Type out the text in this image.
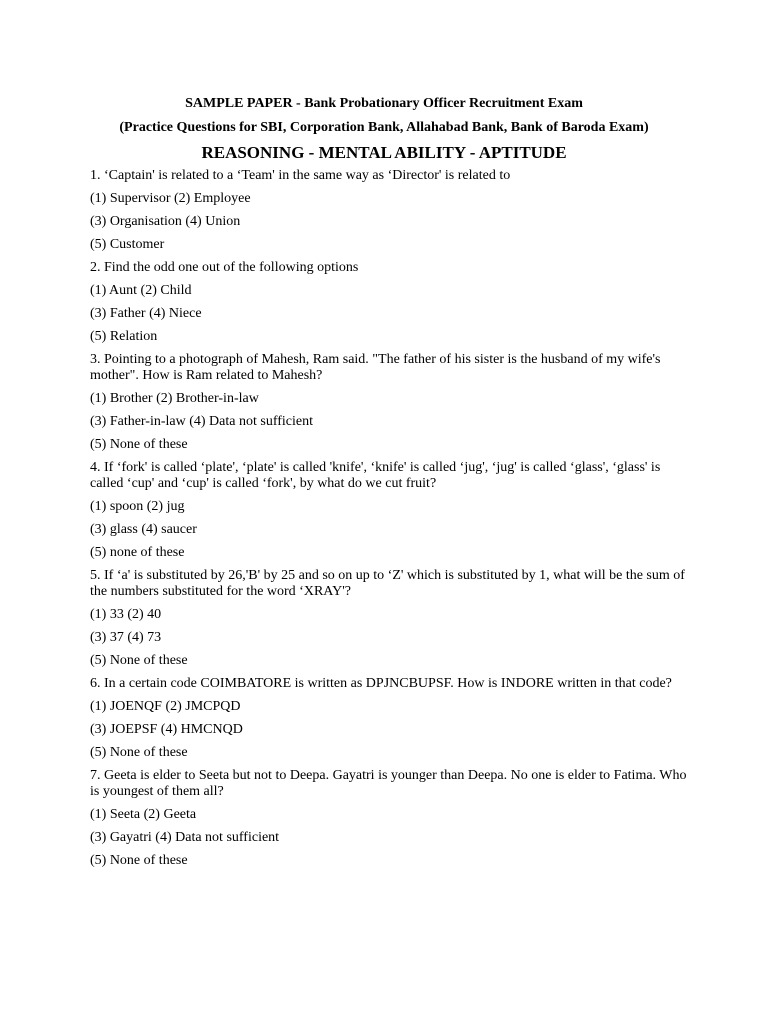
SAMPLE PAPER - Bank Probationary Officer Recruitment Exam
(Practice Questions for SBI, Corporation Bank, Allahabad Bank, Bank of Baroda Exam)
REASONING - MENTAL ABILITY - APTITUDE
1. ‘Captain' is related to a ‘Team' in the same way as ‘Director' is related to
(1) Supervisor (2) Employee
(3) Organisation (4) Union
(5) Customer
2. Find the odd one out of the following options
(1) Aunt (2) Child
(3) Father (4) Niece
(5) Relation
3. Pointing to a photograph of Mahesh, Ram said. "The father of his sister is the husband of my wife's mother". How is Ram related to Mahesh?
(1) Brother (2) Brother-in-law
(3) Father-in-law (4) Data not sufficient
(5) None of these
4. If ‘fork' is called ‘plate', ‘plate' is called 'knife', ‘knife' is called ‘jug', ‘jug' is called ‘glass', ‘glass' is called ‘cup' and ‘cup' is called ‘fork', by what do we cut fruit?
(1) spoon (2) jug
(3) glass (4) saucer
(5) none of these
5. If ‘a' is substituted by 26,'B' by 25 and so on up to ‘Z' which is substituted by 1, what will be the sum of the numbers substituted for the word ‘XRAY'?
(1) 33 (2) 40
(3) 37 (4) 73
(5) None of these
6. In a certain code COIMBATORE is written as DPJNCBUPSF. How is INDORE written in that code?
(1) JOENQF (2) JMCPQD
(3) JOEPSF (4) HMCNQD
(5) None of these
7. Geeta is elder to Seeta but not to Deepa. Gayatri is younger than Deepa. No one is elder to Fatima. Who is youngest of them all?
(1) Seeta (2) Geeta
(3) Gayatri (4) Data not sufficient
(5) None of these
